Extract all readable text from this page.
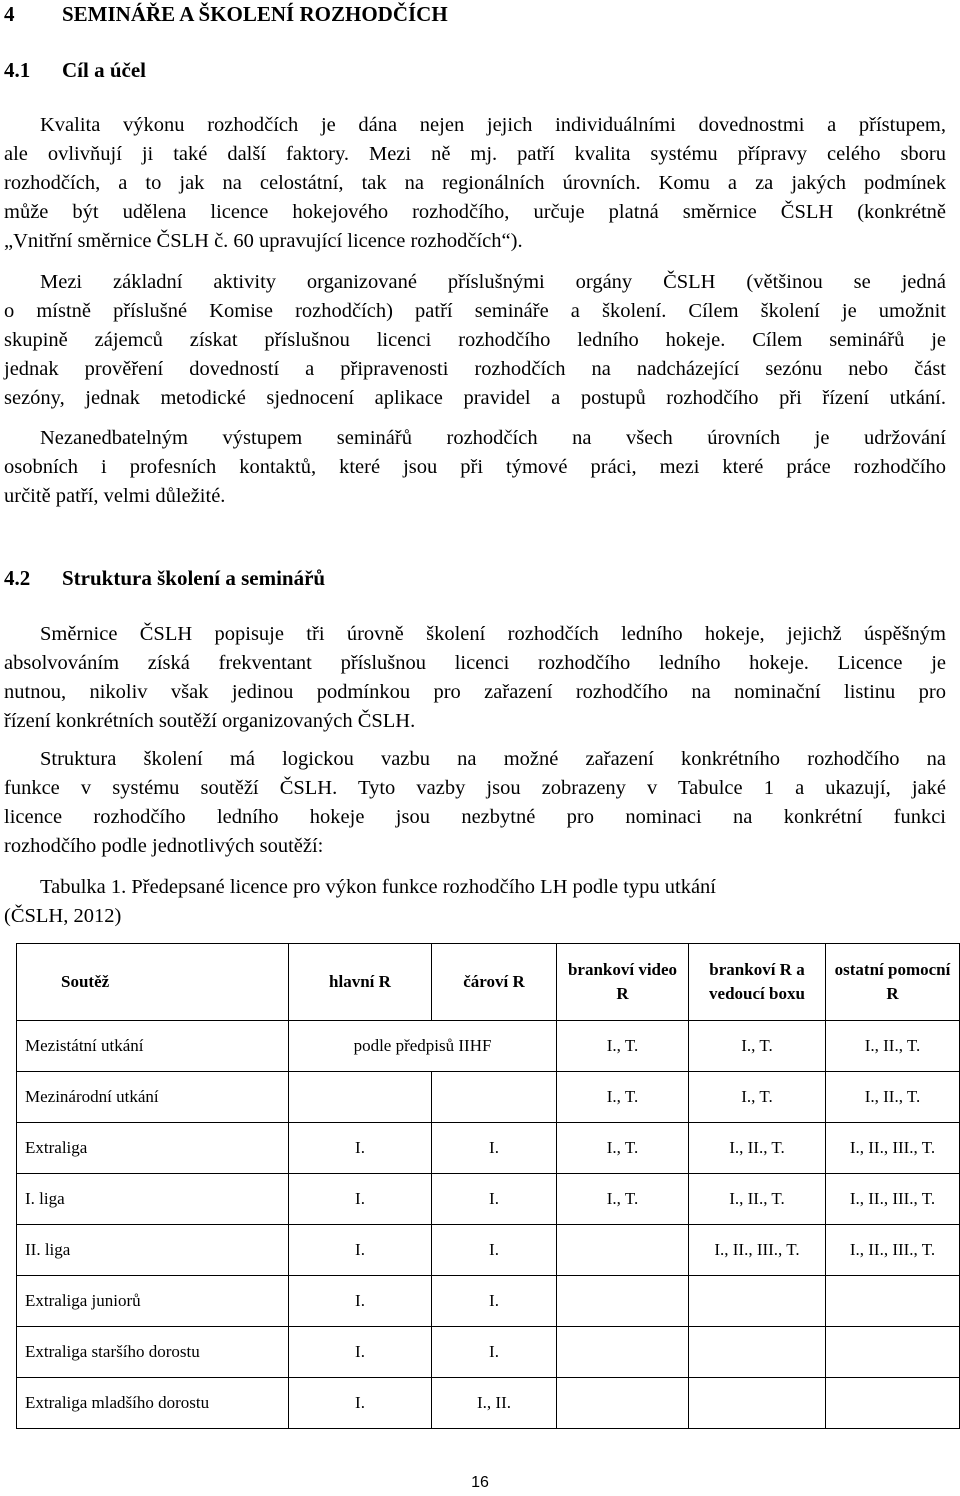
4 SEMINÁŘE A ŠKOLENÍ ROZHODČÍCH
4.1 Cíl a účel
Kvalita výkonu rozhodčích je dána nejen jejich individuálními dovednostmi a přístupem,
ale ovlivňují ji také další faktory. Mezi ně mj. patří kvalita systému přípravy celého sboru
rozhodčích, a to jak na celostátní, tak na regionálních úrovních. Komu a za jakých podmínek
může být udělena licence hokejového rozhodčího, určuje platná směrnice ČSLH (konkrétně
„Vnitřní směrnice ČSLH č. 60 upravující licence rozhodčích“).
Mezi základní aktivity organizované příslušnými orgány ČSLH (většinou se jedná
o místně příslušné Komise rozhodčích) patří semináře a školení. Cílem školení je umožnit
skupině zájemců získat příslušnou licenci rozhodčího ledního hokeje. Cílem seminářů je
jednak prověření dovedností a připravenosti rozhodčích na nadcházející sezónu nebo část
sezóny, jednak metodické sjednocení aplikace pravidel a postupů rozhodčího při řízení utkání.
Nezanedbatelným výstupem seminářů rozhodčích na všech úrovních je udržování
osobních i profesních kontaktů, které jsou při týmové práci, mezi které práce rozhodčího
určitě patří, velmi důležité.
4.2 Struktura školení a seminářů
Směrnice ČSLH popisuje tři úrovně školení rozhodčích ledního hokeje, jejichž úspěšným
absolvováním získá frekventant příslušnou licenci rozhodčího ledního hokeje. Licence je
nutnou, nikoliv však jedinou podmínkou pro zařazení rozhodčího na nominační listinu pro
řízení konkrétních soutěží organizovaných ČSLH.
Struktura školení má logickou vazbu na možné zařazení konkrétního rozhodčího na
funkce v systému soutěží ČSLH. Tyto vazby jsou zobrazeny v Tabulce 1 a ukazují, jaké
licence rozhodčího ledního hokeje jsou nezbytné pro nominaci na konkrétní funkci
rozhodčího podle jednotlivých soutěží:
Tabulka 1. Předepsané licence pro výkon funkce rozhodčího LH podle typu utkání
(ČSLH, 2012)
Soutěž	hlavní R	čároví R	brankoví video R	brankoví R a vedoucí boxu	ostatní pomocní R
Mezistátní utkání	podle předpisů IIHF		I., T.	I., T.	I., II., T.
Mezinárodní utkání			I., T.	I., T.	I., II., T.
Extraliga	I.	I.	I., T.	I., II., T.	I., II., III., T.
I. liga	I.	I.	I., T.	I., II., T.	I., II., III., T.
II. liga	I.	I.		I., II., III., T.	I., II., III., T.
Extraliga juniorů	I.	I.			
Extraliga staršího dorostu	I.	I.			
Extraliga mladšího dorostu	I.	I., II.			
16
